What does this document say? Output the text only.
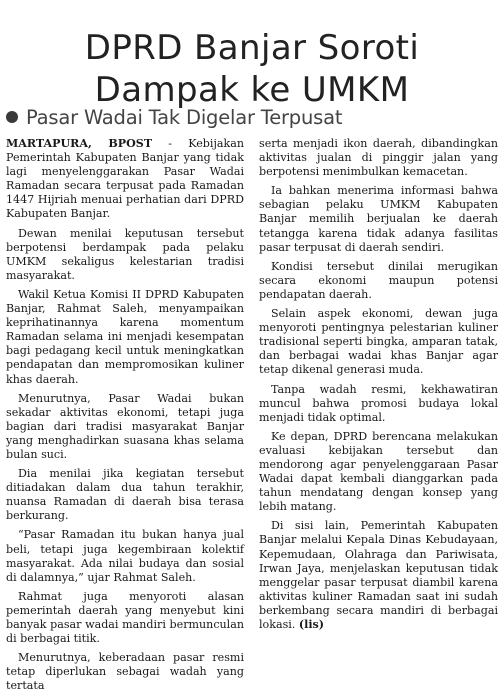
DPRD Banjar Soroti
Dampak ke UMKM
Pasar Wadai Tak Digelar Terpusat

MARTAPURA, BPOST - Kebijakan Pemerintah Kabupaten Banjar yang tidak lagi menyelenggarakan Pasar Wadai Ramadan secara terpusat pada Ramadan 1447 Hijriah menuai perhatian dari DPRD Kabupaten Banjar.

Dewan menilai keputusan tersebut berpotensi berdampak pada pelaku UMKM sekaligus kelestarian tradisi masyarakat.

Wakil Ketua Komisi II DPRD Kabupaten Banjar, Rahmat Saleh, menyampaikan keprihatinannya karena momentum Ramadan selama ini menjadi kesempatan bagi pedagang kecil untuk meningkatkan pendapatan dan mempromosikan kuliner khas daerah.

Menurutnya, Pasar Wadai bukan sekadar aktivitas ekonomi, tetapi juga bagian dari tradisi masyarakat Banjar yang menghadirkan suasana khas selama bulan suci.

Dia menilai jika kegiatan tersebut ditiadakan dalam dua tahun terakhir, nuansa Ramadan di daerah bisa terasa berkurang.

“Pasar Ramadan itu bukan hanya jual beli, tetapi juga kegembiraan kolektif masyarakat. Ada nilai budaya dan sosial di dalamnya,” ujar Rahmat Saleh.

Rahmat juga menyoroti alasan pemerintah daerah yang menyebut kini banyak pasar wadai mandiri bermunculan di berbagai titik.

Menurutnya, keberadaan pasar resmi tetap diperlukan sebagai wadah yang tertata

serta menjadi ikon daerah, dibandingkan aktivitas jualan di pinggir jalan yang berpotensi menimbulkan kemacetan.

Ia bahkan menerima informasi bahwa sebagian pelaku UMKM Kabupaten Banjar memilih berjualan ke daerah tetangga karena tidak adanya fasilitas pasar terpusat di daerah sendiri.

Kondisi tersebut dinilai merugikan secara ekonomi maupun potensi pendapatan daerah.

Selain aspek ekonomi, dewan juga menyoroti pentingnya pelestarian kuliner tradisional seperti bingka, amparan tatak, dan berbagai wadai khas Banjar agar tetap dikenal generasi muda.

Tanpa wadah resmi, kekhawatiran muncul bahwa promosi budaya lokal menjadi tidak optimal.

Ke depan, DPRD berencana melakukan evaluasi kebijakan tersebut dan mendorong agar penyelenggaraan Pasar Wadai dapat kembali dianggarkan pada tahun mendatang dengan konsep yang lebih matang.

Di sisi lain, Pemerintah Kabupaten Banjar melalui Kepala Dinas Kebudayaan, Kepemudaan, Olahraga dan Pariwisata, Irwan Jaya, menjelaskan keputusan tidak menggelar pasar terpusat diambil karena aktivitas kuliner Ramadan saat ini sudah berkembang secara mandiri di berbagai lokasi. (lis)
